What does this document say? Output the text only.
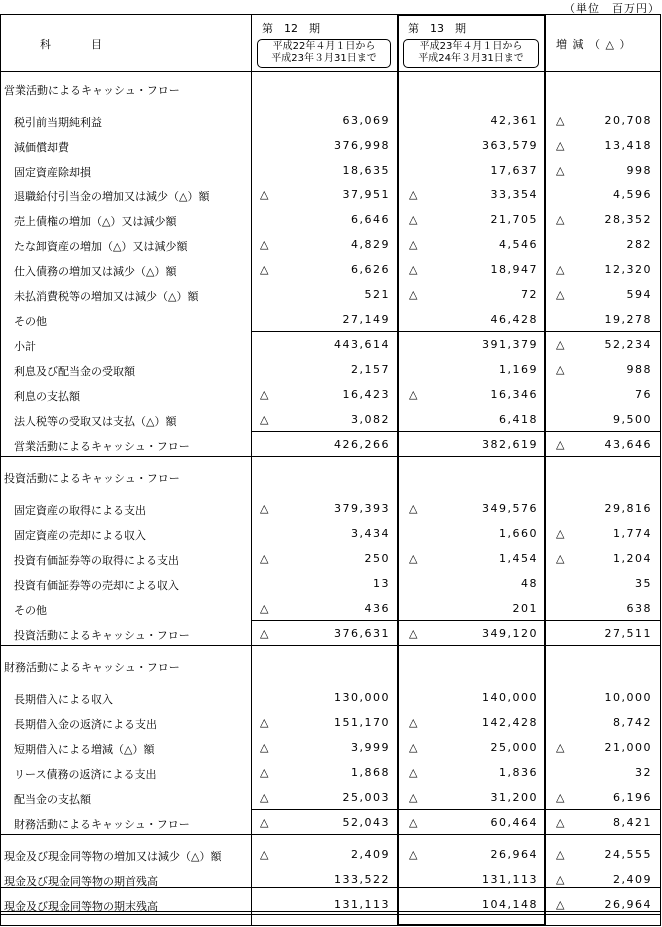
（単位　百万円）
科　　目
第　12　期
平成22年４月１日から
平成23年３月31日まで
第　13　期
平成23年４月１日から
平成24年３月31日まで
増 減 （ △ ）
営業活動によるキャッシュ・フロー
税引前当期純利益	63,069	42,361 △	20,708
減価償却費	376,998	363,579 △	13,418
固定資産除却損	18,635	17,637 △	998
退職給付引当金の増加又は減少（△）額	△	37,951 △	33,354	4,596
売上債権の増加（△）又は減少額	6,646 △	21,705 △	28,352
たな卸資産の増加（△）又は減少額	△	4,829 △	4,546	282
仕入債務の増加又は減少（△）額	△	6,626 △	18,947 △	12,320
未払消費税等の増加又は減少（△）額	521 △	72 △	594
その他	27,149	46,428	19,278
小計	443,614	391,379 △	52,234
利息及び配当金の受取額	2,157	1,169 △	988
利息の支払額	△	16,423 △	16,346	76
法人税等の受取又は支払（△）額	△	3,082	6,418	9,500
営業活動によるキャッシュ・フロー	426,266	382,619 △	43,646
投資活動によるキャッシュ・フロー
固定資産の取得による支出	△	379,393 △	349,576	29,816
固定資産の売却による収入	3,434	1,660 △	1,774
投資有価証券等の取得による支出	△	250 △	1,454 △	1,204
投資有価証券等の売却による収入	13	48	35
その他	△	436	201	638
投資活動によるキャッシュ・フロー	△	376,631 △	349,120	27,511
財務活動によるキャッシュ・フロー
長期借入による収入	130,000	140,000	10,000
長期借入金の返済による支出	△	151,170 △	142,428	8,742
短期借入による増減（△）額	△	3,999 △	25,000 △	21,000
リース債務の返済による支出	△	1,868 △	1,836	32
配当金の支払額	△	25,003 △	31,200 △	6,196
財務活動によるキャッシュ・フロー	△	52,043 △	60,464 △	8,421
現金及び現金同等物の増加又は減少（△）額	△	2,409 △	26,964 △	24,555
現金及び現金同等物の期首残高	133,522	131,113 △	2,409
現金及び現金同等物の期末残高	131,113	104,148 △	26,964
